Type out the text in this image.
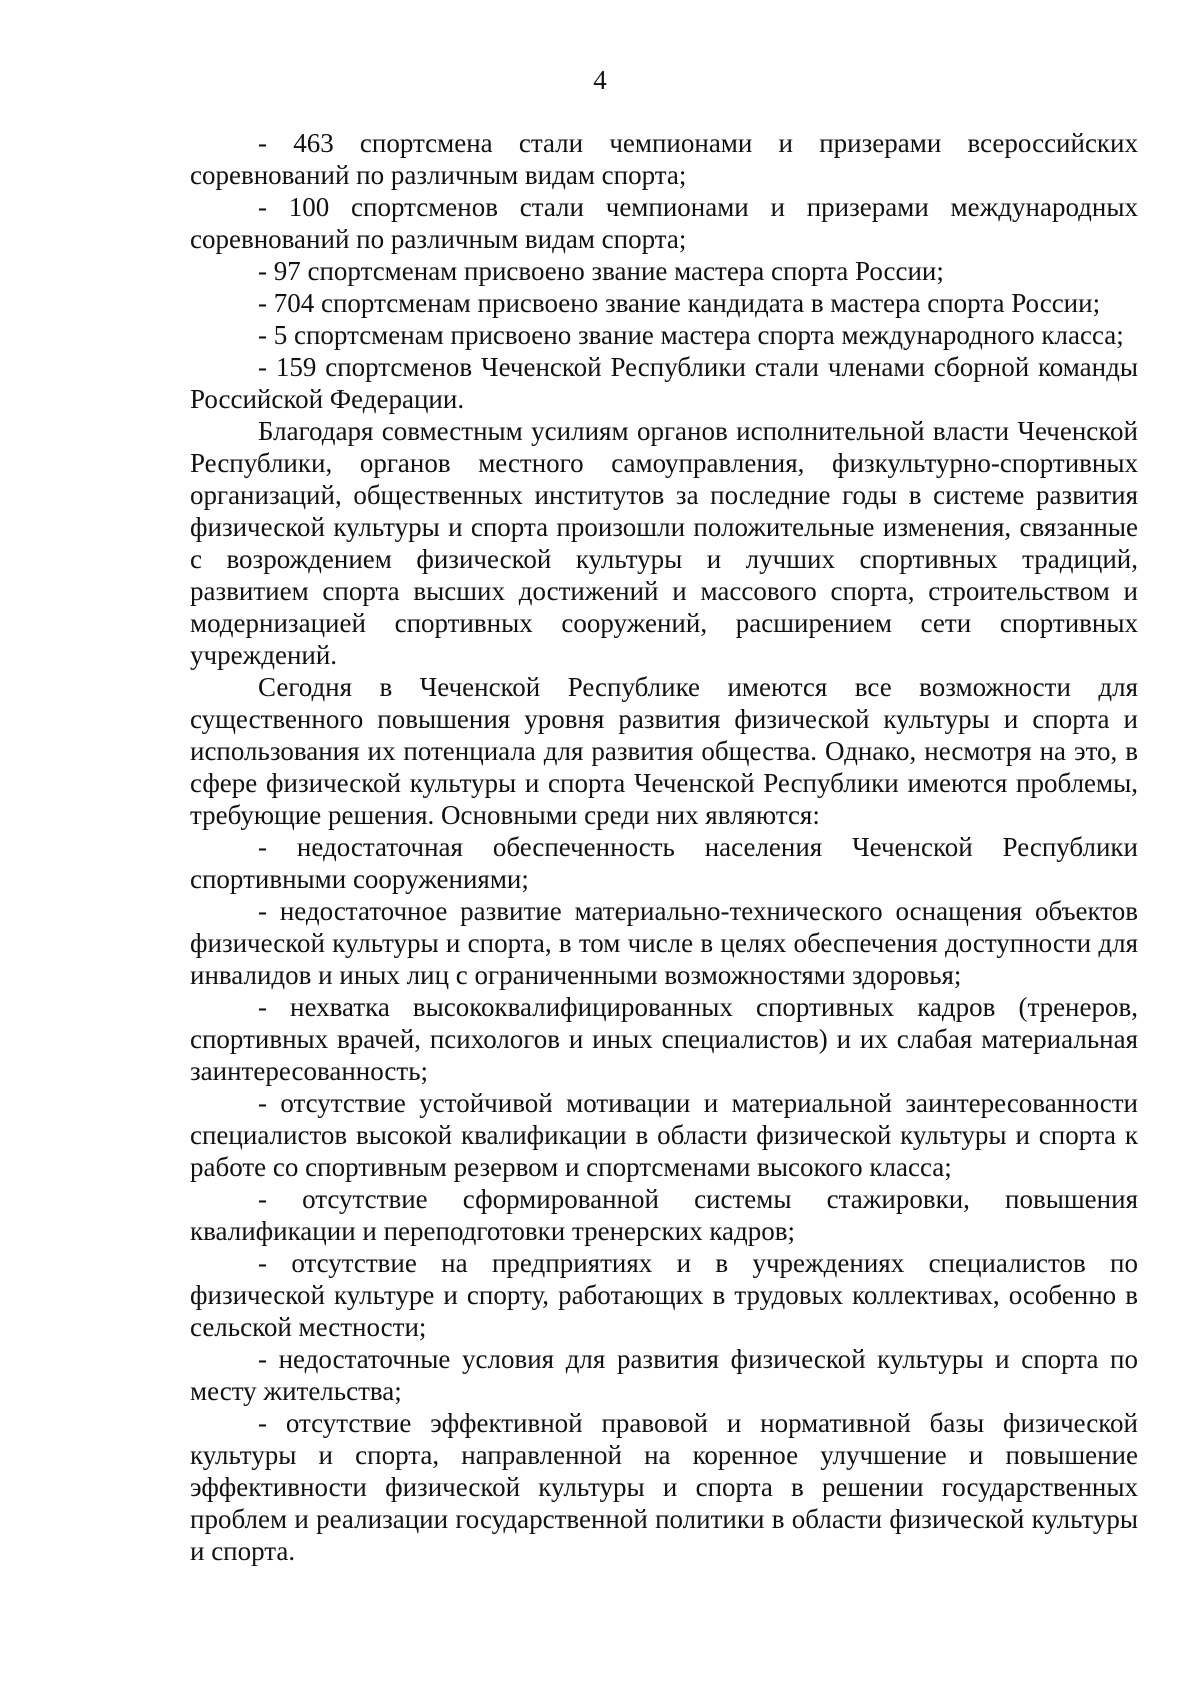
4

- 463 спортсмена стали чемпионами и призерами всероссийских соревнований по различным видам спорта;

- 100 спортсменов стали чемпионами и призерами международных соревнований по различным видам спорта;

- 97 спортсменам присвоено звание мастера спорта России;

- 704 спортсменам присвоено звание кандидата в мастера спорта России;

- 5 спортсменам присвоено звание мастера спорта международного класса;

- 159 спортсменов Чеченской Республики стали членами сборной команды Российской Федерации.

Благодаря совместным усилиям органов исполнительной власти Чеченской Республики, органов местного самоуправления, физкультурно-спортивных организаций, общественных институтов за последние годы в системе развития физической культуры и спорта произошли положительные изменения, связанные с возрождением физической культуры и лучших спортивных традиций, развитием спорта высших достижений и массового спорта, строительством и модернизацией спортивных сооружений, расширением сети спортивных учреждений.

Сегодня в Чеченской Республике имеются все возможности для существенного повышения уровня развития физической культуры и спорта и использования их потенциала для развития общества. Однако, несмотря на это, в сфере физической культуры и спорта Чеченской Республики имеются проблемы, требующие решения. Основными среди них являются:

- недостаточная обеспеченность населения Чеченской Республики спортивными сооружениями;

- недостаточное развитие материально-технического оснащения объектов физической культуры и спорта, в том числе в целях обеспечения доступности для инвалидов и иных лиц с ограниченными возможностями здоровья;

- нехватка высококвалифицированных спортивных кадров (тренеров, спортивных врачей, психологов и иных специалистов) и их слабая материальная заинтересованность;

- отсутствие устойчивой мотивации и материальной заинтересованности специалистов высокой квалификации в области физической культуры и спорта к работе со спортивным резервом и спортсменами высокого класса;

- отсутствие сформированной системы стажировки, повышения квалификации и переподготовки тренерских кадров;

- отсутствие на предприятиях и в учреждениях специалистов по физической культуре и спорту, работающих в трудовых коллективах, особенно в сельской местности;

- недостаточные условия для развития физической культуры и спорта по месту жительства;

- отсутствие эффективной правовой и нормативной базы физической культуры и спорта, направленной на коренное улучшение и повышение эффективности физической культуры и спорта в решении государственных проблем и реализации государственной политики в области физической культуры и спорта.
